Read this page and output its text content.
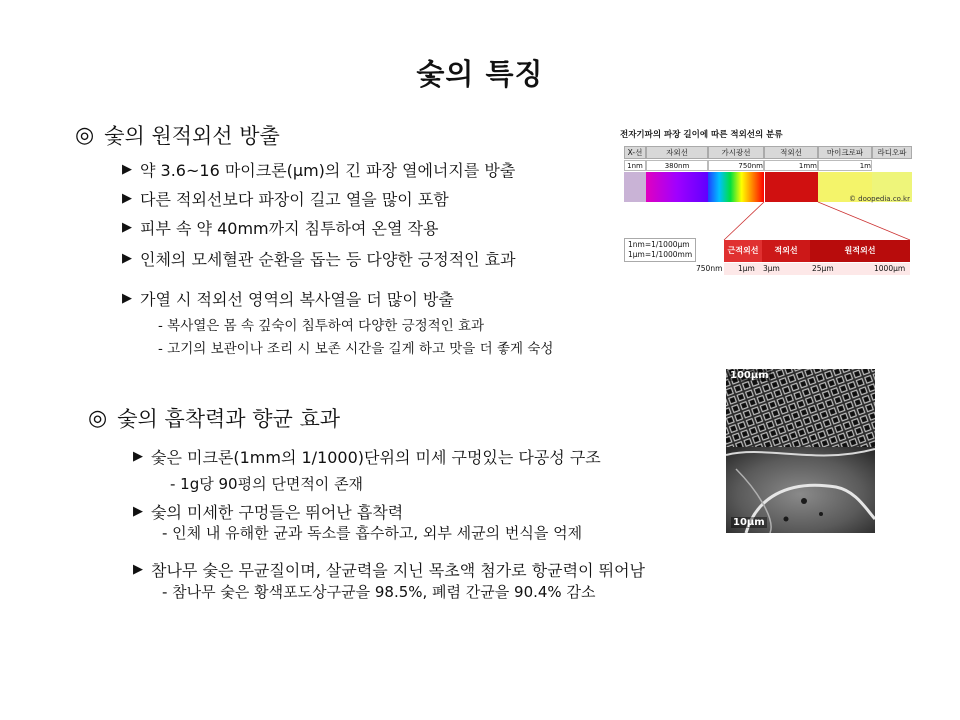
숯의 특징
◎ 숯의 원적외선 방출
▶ 약 3.6~16 마이크론(μm)의 긴 파장 열에너지를 방출
▶ 다른 적외선보다 파장이 길고 열을 많이 포함
▶ 피부 속 약 40mm까지 침투하여 온열 작용
▶ 인체의 모세혈관 순환을 돕는 등 다양한 긍정적인 효과
▶ 가열 시 적외선 영역의 복사열을 더 많이 방출
- 복사열은 몸 속 깊숙이 침투하여 다양한 긍정적인 효과
- 고기의 보관이나 조리 시 보존 시간을 길게 하고 맛을 더 좋게 숙성
전자기파의 파장 길이에 따른 적외선의 분류
X-선	자외선	가시광선	적외선	마이크로파	라디오파
1nm	380nm	750nm	1mm	1m
© doopedia.co.kr
1nm=1/1000μm
1μm=1/1000mm	근적외선	적외선	원적외선
750nm 1μm 3μm	25μm	1000μm
◎ 숯의 흡착력과 향균 효과
▶ 숯은 미크론(1mm의 1/1000)단위의 미세 구멍있는 다공성 구조
- 1g당 90평의 단면적이 존재
▶ 숯의 미세한 구멍들은 뛰어난 흡착력
- 인체 내 유해한 균과 독소를 흡수하고, 외부 세균의 번식을 억제
▶ 참나무 숯은 무균질이며, 살균력을 지닌 목초액 첨가로 항균력이 뛰어남
- 참나무 숯은 황색포도상구균을 98.5%, 폐렴 간균을 90.4% 감소
100μm
10μm
